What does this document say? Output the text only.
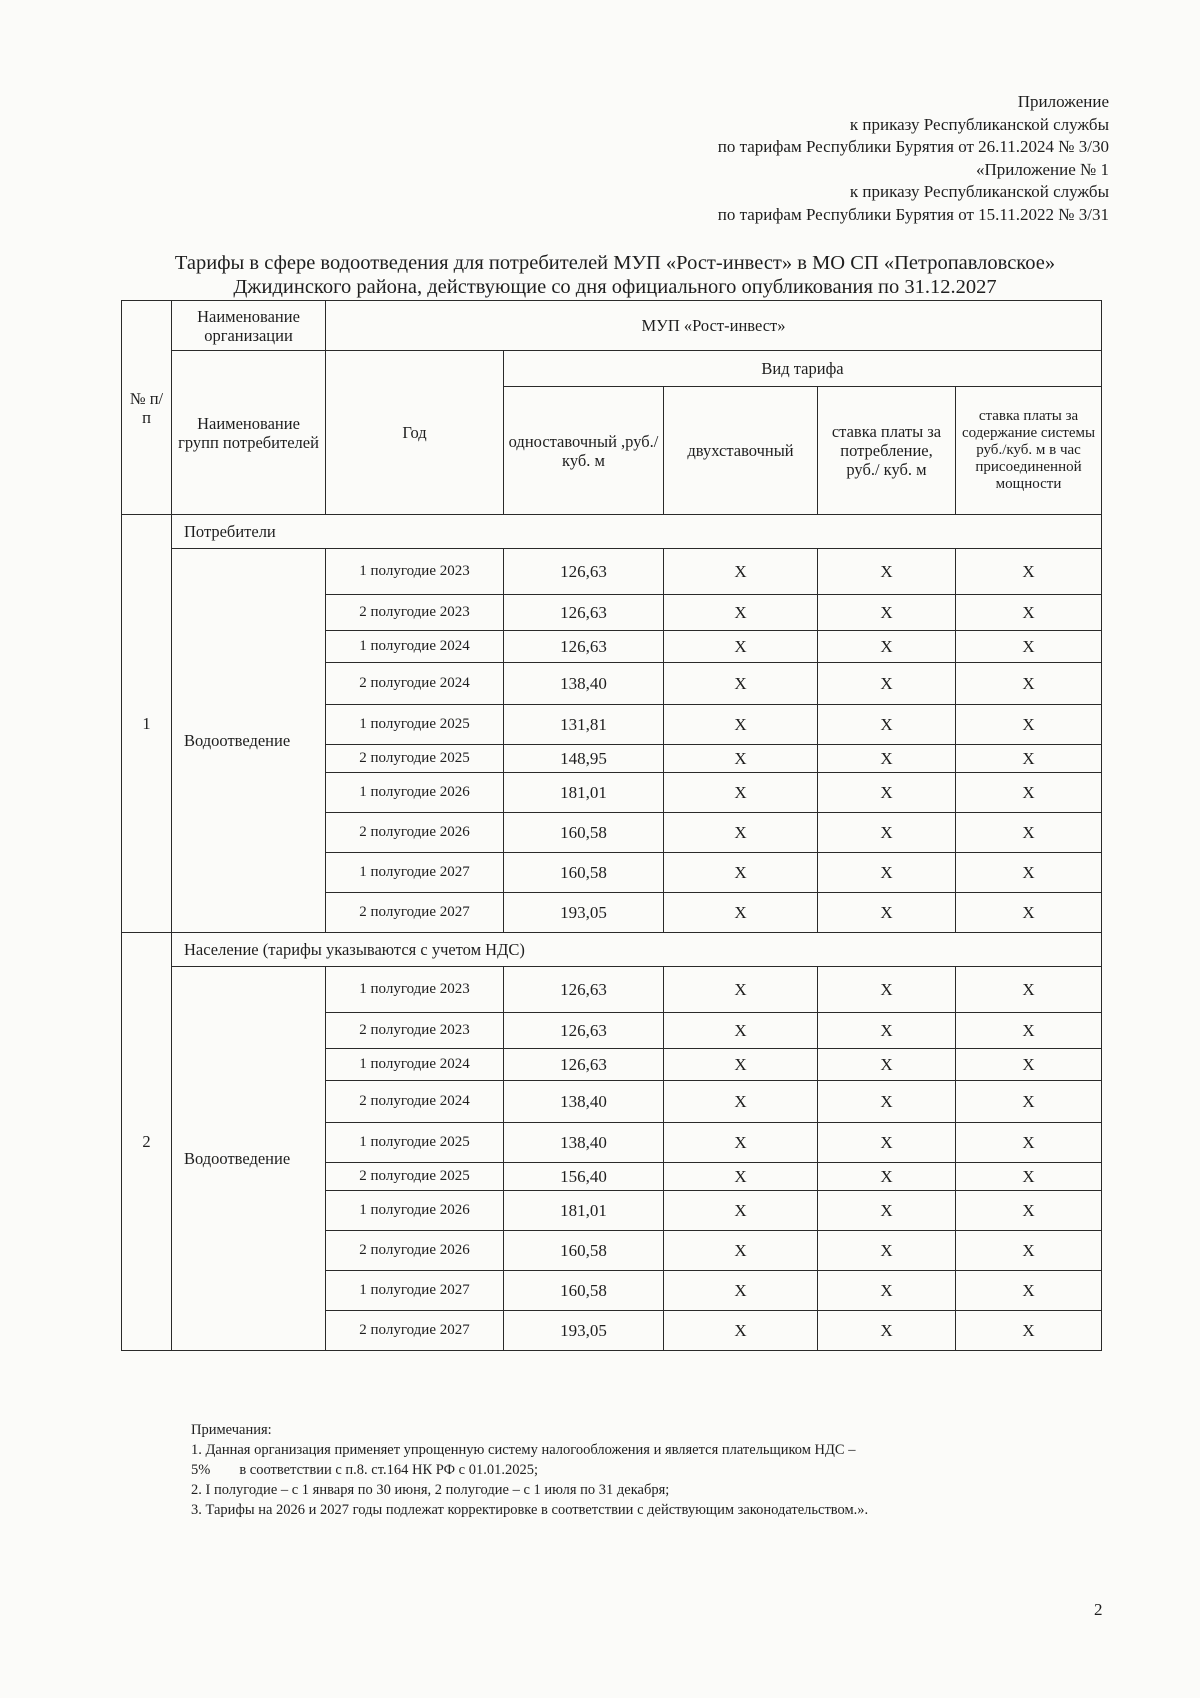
Приложение
к приказу Республиканской службы
по тарифам Республики Бурятия от 26.11.2024 № 3/30
«Приложение № 1
к приказу Республиканской службы
по тарифам Республики Бурятия от 15.11.2022 № 3/31
Тарифы в сфере водоотведения для потребителей МУП «Рост-инвест» в МО СП «Петропавловское»
Джидинского района, действующие со дня официального опубликования по 31.12.2027
№ п/п	Наименование организации	МУП «Рост-инвест»				
	Наименование групп потребителей	Год	Вид тарифа			
			одноставочный ,руб./ куб. м	двухставочный	ставка платы за потребление, руб./ куб. м	ставка платы за содержание системы руб./куб. м в час присоединенной мощности
1	Потребители					
	Водоотведение	1 полугодие 2023	126,63	Х	Х	Х
		2 полугодие 2023	126,63	Х	Х	Х
		1 полугодие 2024	126,63	Х	Х	Х
		2 полугодие 2024	138,40	Х	Х	Х
		1 полугодие 2025	131,81	Х	Х	Х
		2 полугодие 2025	148,95	Х	Х	Х
		1 полугодие 2026	181,01	Х	Х	Х
		2 полугодие 2026	160,58	Х	Х	Х
		1 полугодие 2027	160,58	Х	Х	Х
		2 полугодие 2027	193,05	Х	Х	Х
2	Население (тарифы указываются с учетом НДС)					
	Водоотведение	1 полугодие 2023	126,63	Х	Х	Х
		2 полугодие 2023	126,63	Х	Х	Х
		1 полугодие 2024	126,63	Х	Х	Х
		2 полугодие 2024	138,40	Х	Х	Х
		1 полугодие 2025	138,40	Х	Х	Х
		2 полугодие 2025	156,40	Х	Х	Х
		1 полугодие 2026	181,01	Х	Х	Х
		2 полугодие 2026	160,58	Х	Х	Х
		1 полугодие 2027	160,58	Х	Х	Х
		2 полугодие 2027	193,05	Х	Х	Х
Примечания:
1. Данная организация применяет упрощенную систему налогообложения и является плательщиком НДС –
5%        в соответствии с п.8. ст.164 НК РФ с 01.01.2025;
2. I полугодие – с 1 января по 30 июня, 2 полугодие – с 1 июля по 31 декабря;
3. Тарифы на 2026 и 2027 годы подлежат корректировке в соответствии с действующим законодательством.».
2
